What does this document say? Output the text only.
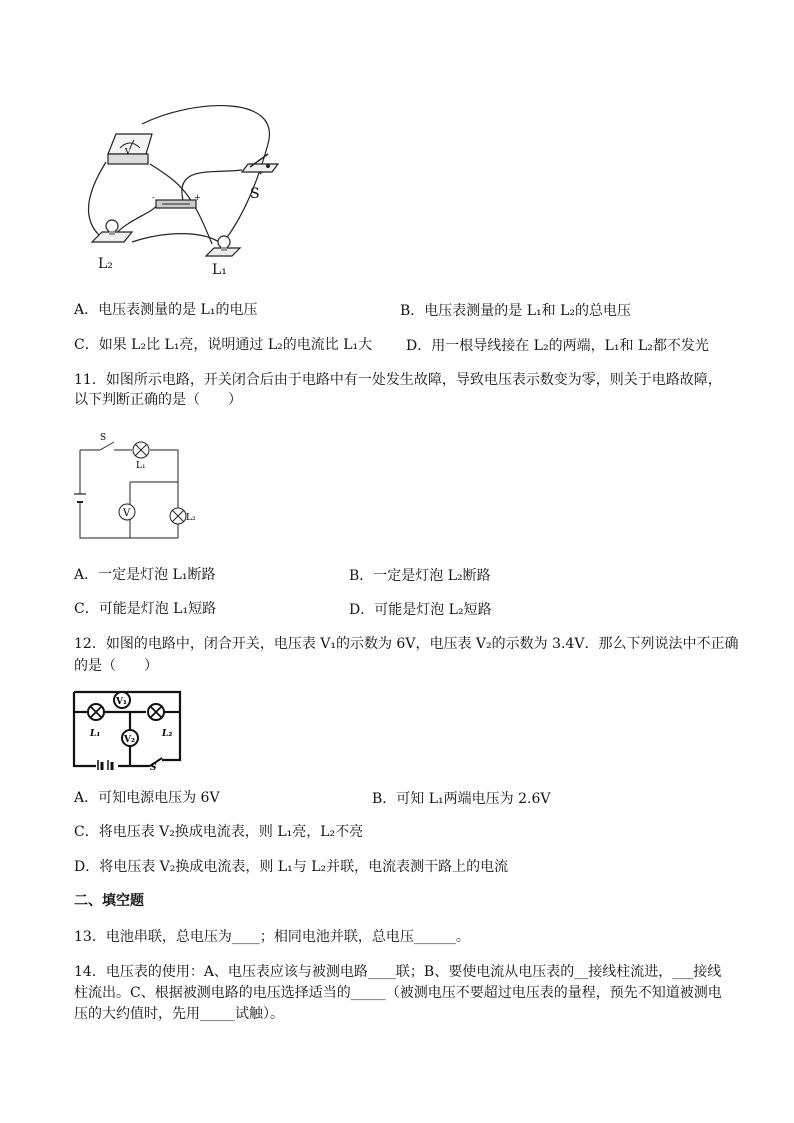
V
-	+	S
L₂	L₁
A．电压表测量的是 L₁的电压	B．电压表测量的是 L₁和 L₂的总电压
C．如果 L₂比 L₁亮，说明通过 L₂的电流比 L₁大 D．用一根导线接在 L₂的两端，L₁和 L₂都不发光
11．如图所示电路，开关闭合后由于电路中有一处发生故障，导致电压表示数变为零，则关于电路故障，
以下判断正确的是（　　）
V
S
L₁
L₂
A．一定是灯泡 L₁断路	B．一定是灯泡 L₂断路
C．可能是灯泡 L₁短路	D．可能是灯泡 L₂短路
12．如图的电路中，闭合开关，电压表 V₁的示数为 6V，电压表 V₂的示数为 3.4V．那么下列说法中不正确
的是（　　）
V₁
V₂
L₁	L₂
S
A．可知电源电压为 6V	B．可知 L₁两端电压为 2.6V
C．将电压表 V₂换成电流表，则 L₁亮，L₂不亮
D．将电压表 V₂换成电流表，则 L₁与 L₂并联，电流表测干路上的电流
二、填空题
13．电池串联，总电压为____；相同电池并联，总电压______。
14．电压表的使用：A、电压表应该与被测电路____联；B、要使电流从电压表的__接线柱流进，___接线
柱流出。C、根据被测电路的电压选择适当的_____（被测电压不要超过电压表的量程，预先不知道被测电
压的大约值时，先用_____试触）。
